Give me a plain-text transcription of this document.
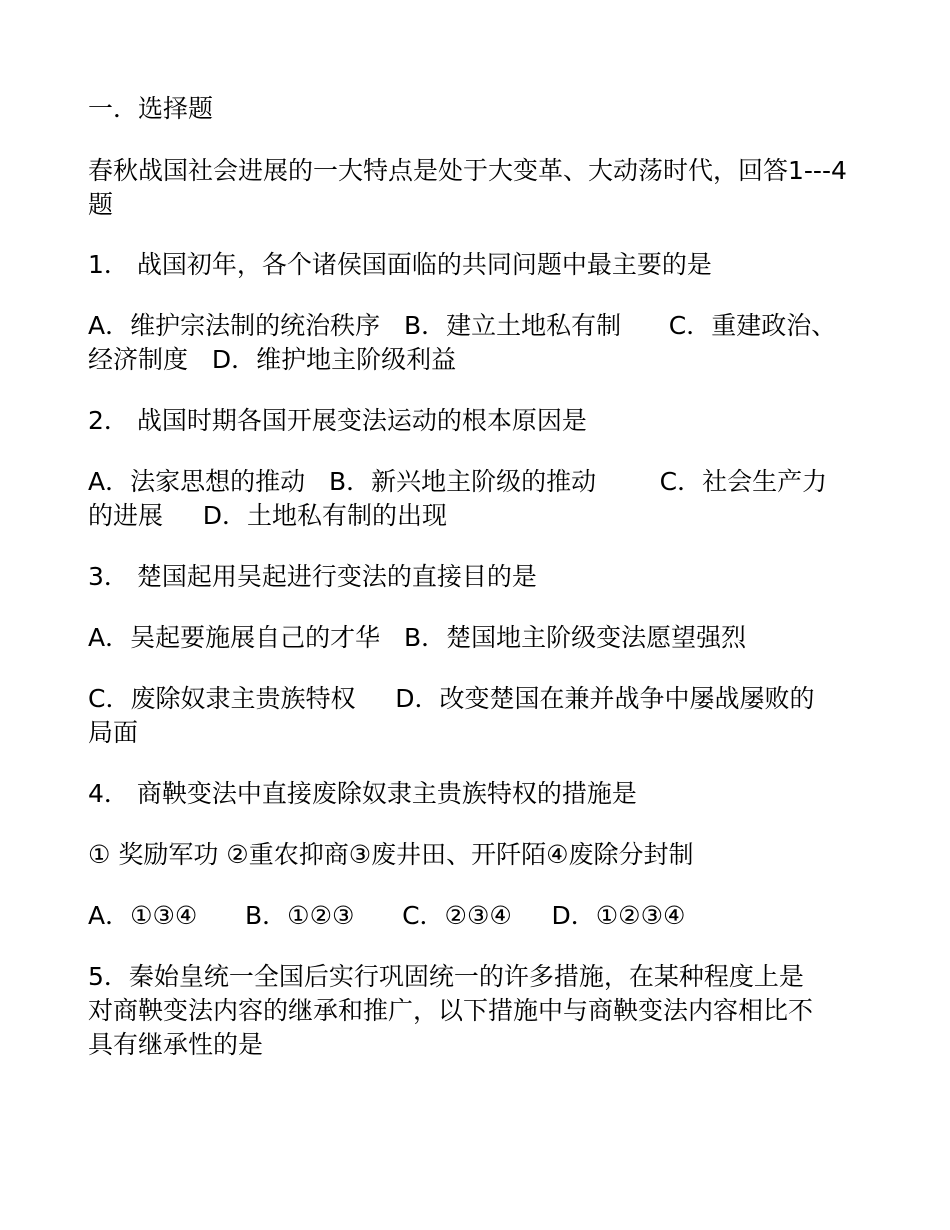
一．选择题
春秋战国社会进展的一大特点是处于大变革、大动荡时代，回答1---4题
1． 战国初年，各个诸侯国面临的共同问题中最主要的是
A．维护宗法制的统治秩序   B．建立土地私有制      C．重建政治、
经济制度   D．维护地主阶级利益
2． 战国时期各国开展变法运动的根本原因是
A．法家思想的推动   B．新兴地主阶级的推动        C．社会生产力
的进展     D．土地私有制的出现
3． 楚国起用吴起进行变法的直接目的是
A．吴起要施展自己的才华   B．楚国地主阶级变法愿望强烈
C．废除奴隶主贵族特权     D．改变楚国在兼并战争中屡战屡败的
局面
4． 商鞅变法中直接废除奴隶主贵族特权的措施是
① 奖励军功 ②重农抑商③废井田、开阡陌④废除分封制
A．①③④      B．①②③      C．②③④     D．①②③④
5．秦始皇统一全国后实行巩固统一的许多措施，在某种程度上是
对商鞅变法内容的继承和推广，以下措施中与商鞅变法内容相比不
具有继承性的是
